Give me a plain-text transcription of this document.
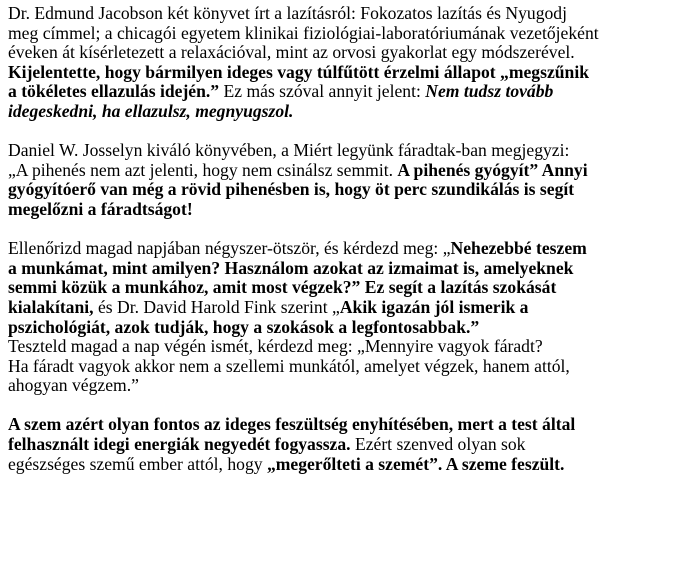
Dr. Edmund Jacobson két könyvet írt a lazításról: Fokozatos lazítás és Nyugodj
meg címmel; a chicagói egyetem klinikai fiziológiai-laboratóriumának vezetőjeként
éveken át kísérletezett a relaxációval, mint az orvosi gyakorlat egy módszerével.
Kijelentette, hogy bármilyen ideges vagy túlfűtött érzelmi állapot „megszűnik
a tökéletes ellazulás idején.” Ez más szóval annyit jelent: Nem tudsz tovább
idegeskedni, ha ellazulsz, megnyugszol.
Daniel W. Josselyn kiváló könyvében, a Miért legyünk fáradtak-ban megjegyzi:
„A pihenés nem azt jelenti, hogy nem csinálsz semmit. A pihenés gyógyít” Annyi
gyógyítóerő van még a rövid pihenésben is, hogy öt perc szundikálás is segít
megelőzni a fáradtságot!
Ellenőrizd magad napjában négyszer-ötször, és kérdezd meg: „Nehezebbé teszem
a munkámat, mint amilyen? Használom azokat az izmaimat is, amelyeknek
semmi közük a munkához, amit most végzek?” Ez segít a lazítás szokását
kialakítani, és Dr. David Harold Fink szerint „Akik igazán jól ismerik a
pszichológiát, azok tudják, hogy a szokások a legfontosabbak.”
Teszteld magad a nap végén ismét, kérdezd meg: „Mennyire vagyok fáradt?
Ha fáradt vagyok akkor nem a szellemi munkától, amelyet végzek, hanem attól,
ahogyan végzem.”
A szem azért olyan fontos az ideges feszültség enyhítésében, mert a test által
felhasznált idegi energiák negyedét fogyassza. Ezért szenved olyan sok
egészséges szemű ember attól, hogy „megerőlteti a szemét”. A szeme feszült.
